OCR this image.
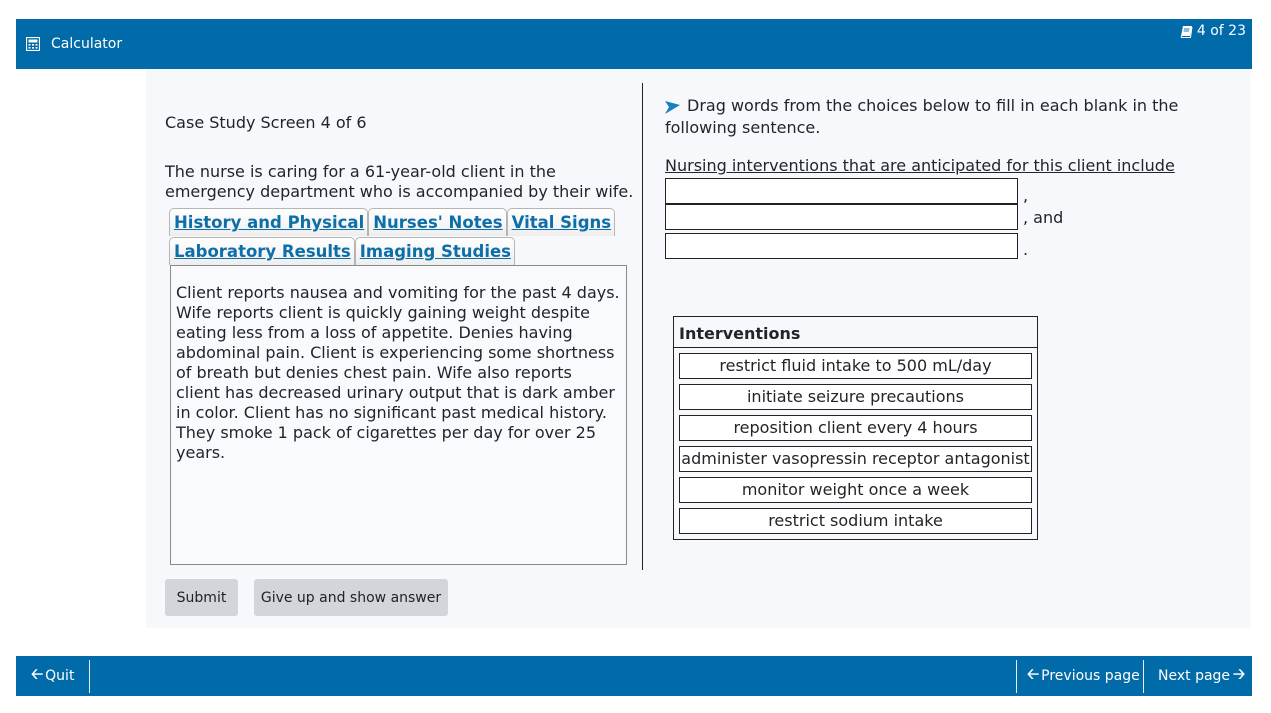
Calculator
4 of 23
Case Study Screen 4 of 6
The nurse is caring for a 61-year-old client in the emergency department who is accompanied by their wife.
History and Physical Nurses' Notes Vital Signs
Laboratory Results Imaging Studies
Client reports nausea and vomiting for the past 4 days. Wife reports client is quickly gaining weight despite eating less from a loss of appetite. Denies having abdominal pain. Client is experiencing some shortness of breath but denies chest pain. Wife also reports client has decreased urinary output that is dark amber in color. Client has no significant past medical history. They smoke 1 pack of cigarettes per day for over 25 years.
Drag words from the choices below to fill in each blank in the following sentence.
Nursing interventions that are anticipated for this client include
,
, and
.
Interventions
restrict fluid intake to 500 mL/day
initiate seizure precautions
reposition client every 4 hours
administer vasopressin receptor antagonist
monitor weight once a week
restrict sodium intake
Submit	Give up and show answer
🡠 Quit	🡠 Previous page Next page 🡢
